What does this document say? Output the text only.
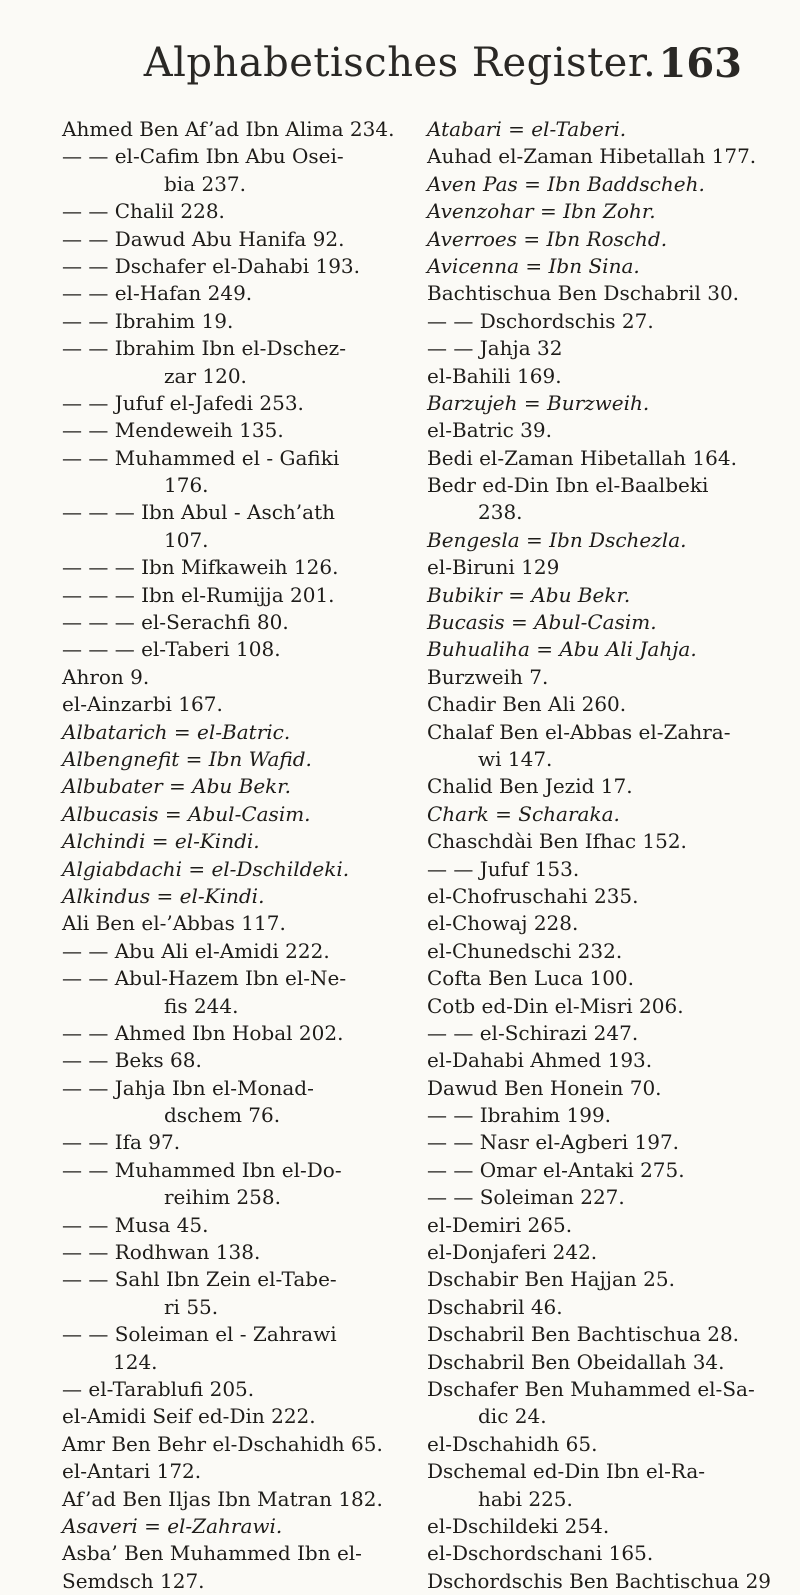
Alphabetisches Register. 163
Ahmed Ben Af’ad Ibn Alima 234.
— — el-Cafim Ibn Abu Osei-
bia 237.
— — Chalil 228.
— — Dawud Abu Hanifa 92.
— — Dschafer el-Dahabi 193.
— — el-Hafan 249.
— — Ibrahim 19.
— — Ibrahim Ibn el-Dschez-
zar 120.
— — Jufuf el-Jafedi 253.
— — Mendeweih 135.
— — Muhammed el - Gafiki
176.
— — — Ibn Abul - Asch’ath
107.
— — — Ibn Mifkaweih 126.
— — — Ibn el-Rumijja 201.
— — — el-Serachfi 80.
— — — el-Taberi 108.
Ahron 9.
el-Ainzarbi 167.
Albatarich = el-Batric.
Albengnefit = Ibn Wafid.
Albubater = Abu Bekr.
Albucasis = Abul-Casim.
Alchindi = el-Kindi.
Algiabdachi = el-Dschildeki.
Alkindus = el-Kindi.
Ali Ben el-’Abbas 117.
— — Abu Ali el-Amidi 222.
— — Abul-Hazem Ibn el-Ne-
fis 244.
— — Ahmed Ibn Hobal 202.
— — Beks 68.
— — Jahja Ibn el-Monad-
dschem 76.
— — Ifa 97.
— — Muhammed Ibn el-Do-
reihim 258.
— — Musa 45.
— — Rodhwan 138.
— — Sahl Ibn Zein el-Tabe-
ri 55.
— — Soleiman el - Zahrawi
124.
— el-Tarablufi 205.
el-Amidi Seif ed-Din 222.
Amr Ben Behr el-Dschahidh 65.
el-Antari 172.
Af’ad Ben Iljas Ibn Matran 182.
Asaveri = el-Zahrawi.
Asba’ Ben Muhammed Ibn el-
Semdsch 127.
Atabari = el-Taberi.
Auhad el-Zaman Hibetallah 177.
Aven Pas = Ibn Baddscheh.
Avenzohar = Ibn Zohr.
Averroes = Ibn Roschd.
Avicenna = Ibn Sina.
Bachtischua Ben Dschabril 30.
— — Dschordschis 27.
— — Jahja 32
el-Bahili 169.
Barzujeh = Burzweih.
el-Batric 39.
Bedi el-Zaman Hibetallah 164.
Bedr ed-Din Ibn el-Baalbeki
238.
Bengesla = Ibn Dschezla.
el-Biruni 129
Bubikir = Abu Bekr.
Bucasis = Abul-Casim.
Buhualiha = Abu Ali Jahja.
Burzweih 7.
Chadir Ben Ali 260.
Chalaf Ben el-Abbas el-Zahra-
wi 147.
Chalid Ben Jezid 17.
Chark = Scharaka.
Chaschdài Ben Ifhac 152.
— — Jufuf 153.
el-Chofruschahi 235.
el-Chowaj 228.
el-Chunedschi 232.
Cofta Ben Luca 100.
Cotb ed-Din el-Misri 206.
— — el-Schirazi 247.
el-Dahabi Ahmed 193.
Dawud Ben Honein 70.
— — Ibrahim 199.
— — Nasr el-Agberi 197.
— — Omar el-Antaki 275.
— — Soleiman 227.
el-Demiri 265.
el-Donjaferi 242.
Dschabir Ben Hajjan 25.
Dschabril 46.
Dschabril Ben Bachtischua 28.
Dschabril Ben Obeidallah 34.
Dschafer Ben Muhammed el-Sa-
dic 24.
el-Dschahidh 65.
Dschemal ed-Din Ibn el-Ra-
habi 225.
el-Dschildeki 254.
el-Dschordschani 165.
Dschordschis Ben Bachtischua 29
